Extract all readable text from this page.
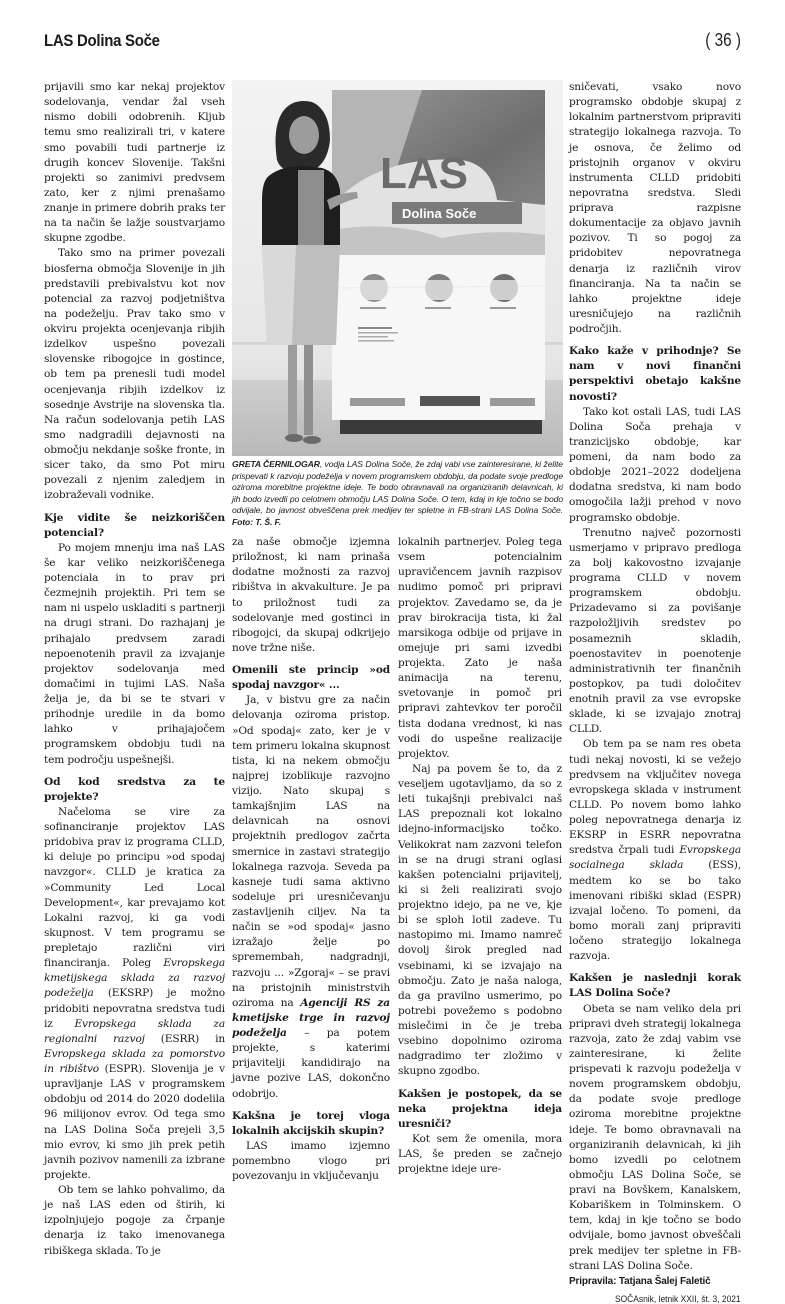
LAS Dolina Soče	( 36 )

prijavili smo kar nekaj projektov sodelovanja, vendar žal vseh nismo dobili odobrenih. Kljub temu smo realizirali tri, v katere smo povabili tudi partnerje iz drugih koncev Slovenije. Takšni projekti so zanimivi predvsem zato, ker z njimi prenašamo znanje in primere dobrih praks ter na ta način še lažje soustvarjamo skupne zgodbe.

Tako smo na primer povezali biosferna območja Slovenije in jih predstavili prebivalstvu kot nov potencial za razvoj podjetništva na podeželju. Prav tako smo v okviru projekta ocenjevanja ribjih izdelkov uspešno povezali slovenske ribogojce in gostince, ob tem pa prenesli tudi model ocenjevanja ribjih izdelkov iz sosednje Avstrije na slovenska tla. Na račun sodelovanja petih LAS smo nadgradili dejavnosti na območju nekdanje soške fronte, in sicer tako, da smo Pot miru povezali z njenim zaledjem in izobraževali vodnike.

Kje vidite še neizkoriščen potencial?

Po mojem mnenju ima naš LAS še kar veliko neizkoriščenega potenciala in to prav pri čezmejnih projektih. Pri tem se nam ni uspelo uskladiti s partnerji na drugi strani. Do razhajanj je prihajalo predvsem zaradi nepoenotenih pravil za izvajanje projektov sodelovanja med domačimi in tujimi LAS. Naša želja je, da bi se te stvari v prihodnje uredile in da bomo lahko v prihajajočem programskem obdobju tudi na tem področju uspešnejši.

Od kod sredstva za te projekte?

Načeloma se vire za sofinanciranje projektov LAS pridobiva prav iz programa CLLD, ki deluje po principu »od spodaj navzgor«. CLLD je kratica za »Community Led Local Development«, kar prevajamo kot Lokalni razvoj, ki ga vodi skupnost. V tem programu se prepletajo različni viri financiranja. Poleg Evropskega kmetijskega sklada za razvoj podeželja (EKSRP) je možno pridobiti nepovratna sredstva tudi iz Evropskega sklada za regionalni razvoj (ESRR) in Evropskega sklada za pomorstvo in ribištvo (ESPR). Slovenija je v upravljanje LAS v programskem obdobju od 2014 do 2020 dodelila 96 milijonov evrov. Od tega smo na LAS Dolina Soča prejeli 3,5 mio evrov, ki smo jih prek petih javnih pozivov namenili za izbrane projekte.

Ob tem se lahko pohvalimo, da je naš LAS eden od štirih, ki izpolnjujejo pogoje za črpanje denarja iz tako imenovanega ribiškega sklada. To je

LAS
Dolina Soče
GRETA ČERNILOGAR, vodja LAS Dolina Soče, že zdaj vabi vse zainteresirane, ki želite prispevati k razvoju podeželja v novem programskem obdobju, da podate svoje predloge oziroma morebitne projektne ideje. Te bodo obravnavali na organiziranih delavnicah, ki jih bodo izvedli po celotnem območju LAS Dolina Soče. O tem, kdaj in kje točno se bodo odvijale, bo javnost obveščena prek medijev ter spletne in FB-strani LAS Dolina Soče. Foto: T. Š. F.

za naše območje izjemna priložnost, ki nam prinaša dodatne možnosti za razvoj ribištva in akvakulture. Je pa to priložnost tudi za sodelovanje med gostinci in ribogojci, da skupaj odkrijejo nove tržne niše.

Omenili ste princip »od spodaj navzgor« ...

Ja, v bistvu gre za način delovanja oziroma pristop. »Od spodaj« zato, ker je v tem primeru lokalna skupnost tista, ki na nekem območju najprej izoblikuje razvojno vizijo. Nato skupaj s tamkajšnjim LAS na delavnicah na osnovi projektnih predlogov začrta smernice in zastavi strategijo lokalnega razvoja. Seveda pa kasneje tudi sama aktivno sodeluje pri uresničevanju zastavljenih ciljev. Na ta način se »od spodaj« jasno izražajo želje po spremembah, nadgradnji, razvoju ... »Zgoraj« – se pravi na pristojnih ministrstvih oziroma na Agenciji RS za kmetijske trge in razvoj podeželja – pa potem projekte, s katerimi prijavitelji kandidirajo na javne pozive LAS, dokončno odobrijo.

Kakšna je torej vloga lokalnih akcijskih skupin?

LAS imamo izjemno pomembno vlogo pri povezovanju in vključevanju

lokalnih partnerjev. Poleg tega vsem potencialnim upravičencem javnih razpisov nudimo pomoč pri pripravi projektov. Zavedamo se, da je prav birokracija tista, ki žal marsikoga odbije od prijave in omejuje pri sami izvedbi projekta. Zato je naša animacija na terenu, svetovanje in pomoč pri pripravi zahtevkov ter poročil tista dodana vrednost, ki nas vodi do uspešne realizacije projektov.

Naj pa povem še to, da z veseljem ugotavljamo, da so z leti tukajšnji prebivalci naš LAS prepoznali kot lokalno idejno-informacijsko točko. Velikokrat nam zazvoni telefon in se na drugi strani oglasi kakšen potencialni prijavitelj, ki si želi realizirati svojo projektno idejo, pa ne ve, kje bi se sploh lotil zadeve. Tu nastopimo mi. Imamo namreč dovolj širok pregled nad vsebinami, ki se izvajajo na območju. Zato je naša naloga, da ga pravilno usmerimo, po potrebi povežemo s podobno mislečimi in če je treba vsebino dopolnimo oziroma nadgradimo ter zložimo v skupno zgodbo.

Kakšen je postopek, da se neka projektna ideja uresniči?

Kot sem že omenila, mora LAS, še preden se začnejo projektne ideje ure-

sničevati, vsako novo programsko obdobje skupaj z lokalnim partnerstvom pripraviti strategijo lokalnega razvoja. To je osnova, če želimo od pristojnih organov v okviru instrumenta CLLD pridobiti nepovratna sredstva. Sledi priprava razpisne dokumentacije za objavo javnih pozivov. Ti so pogoj za pridobitev nepovratnega denarja iz različnih virov financiranja. Na ta način se lahko projektne ideje uresničujejo na različnih področjih.

Kako kaže v prihodnje? Se nam v novi finančni perspektivi obetajo kakšne novosti?

Tako kot ostali LAS, tudi LAS Dolina Soča prehaja v tranzicijsko obdobje, kar pomeni, da nam bodo za obdobje 2021–2022 dodeljena dodatna sredstva, ki nam bodo omogočila lažji prehod v novo programsko obdobje.

Trenutno največ pozornosti usmerjamo v pripravo predloga za bolj kakovostno izvajanje programa CLLD v novem programskem obdobju. Prizadevamo si za povišanje razpoložljivih sredstev po posameznih skladih, poenostavitev in poenotenje administrativnih ter finančnih postopkov, pa tudi določitev enotnih pravil za vse evropske sklade, ki se izvajajo znotraj CLLD.

Ob tem pa se nam res obeta tudi nekaj novosti, ki se vežejo predvsem na vključitev novega evropskega sklada v instrument CLLD. Po novem bomo lahko poleg nepovratnega denarja iz EKSRP in ESRR nepovratna sredstva črpali tudi Evropskega socialnega sklada (ESS), medtem ko se bo tako imenovani ribiški sklad (ESPR) izvajal ločeno. To pomeni, da bomo morali zanj pripraviti ločeno strategijo lokalnega razvoja.

Kakšen je naslednji korak LAS Dolina Soče?

Obeta se nam veliko dela pri pripravi dveh strategij lokalnega razvoja, zato že zdaj vabim vse zainteresirane, ki želite prispevati k razvoju podeželja v novem programskem obdobju, da podate svoje predloge oziroma morebitne projektne ideje. Te bomo obravnavali na organiziranih delavnicah, ki jih bomo izvedli po celotnem območju LAS Dolina Soče, se pravi na Bovškem, Kanalskem, Kobariškem in Tolminskem. O tem, kdaj in kje točno se bodo odvijale, bomo javnost obveščali prek medijev ter spletne in FB-strani LAS Dolina Soče.

Pripravila: Tatjana Šalej Faletič

SOČAsnik, letnik XXII, št. 3, 2021
